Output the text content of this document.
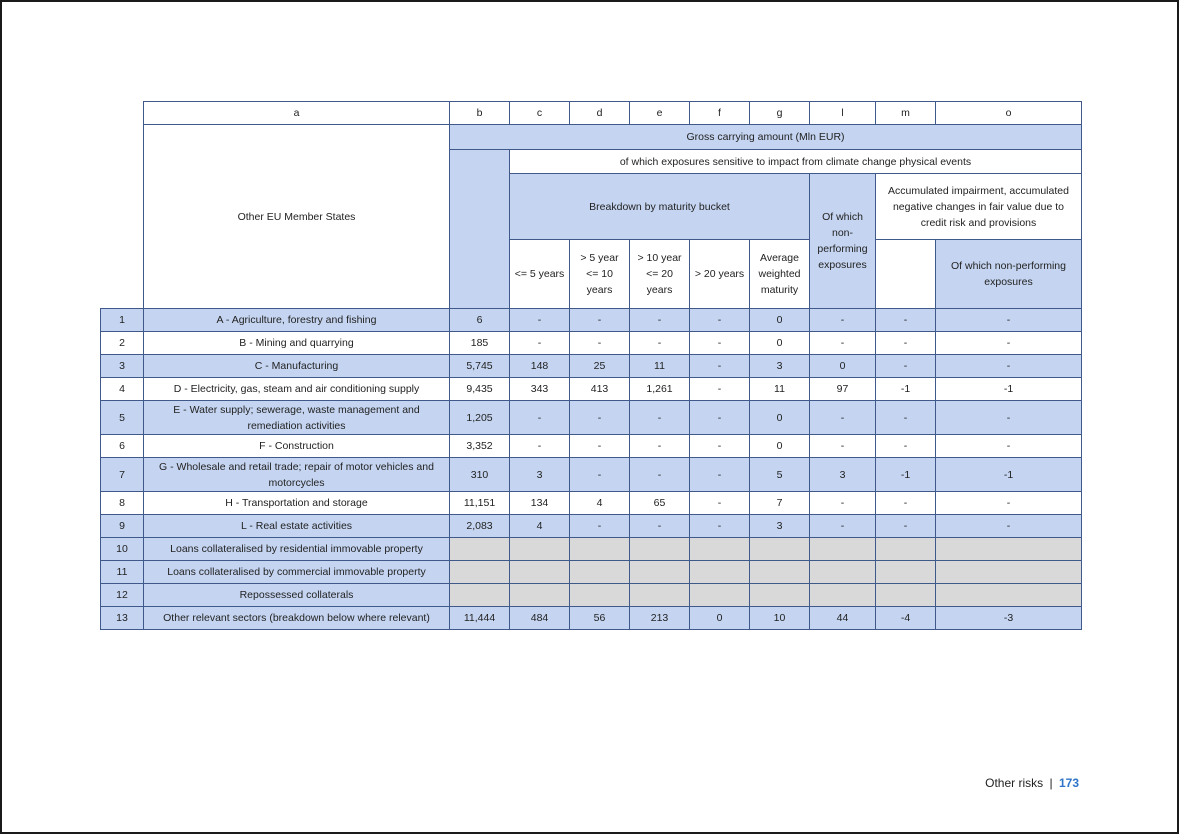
	a	b	c	d	e	f	g	l	m	o
	Other EU Member States	Gross carrying amount (Mln EUR)								
			of which exposures sensitive to impact from climate change physical events							
			Breakdown by maturity bucket					Of which non-performing exposures	Accumulated impairment, accumulated negative changes in fair value due to credit risk and provisions	
			<= 5 years	> 5 year <= 10 years	> 10 year <= 20 years	> 20 years	Average weighted maturity			Of which non-performing exposures

1	A - Agriculture, forestry and fishing	6	-	-	-	-	0	-	-	-
2	B - Mining and quarrying	185	-	-	-	-	0	-	-	-
3	C - Manufacturing	5,745	148	25	11	-	3	0	-	-
4	D - Electricity, gas, steam and air conditioning supply	9,435	343	413	1,261	-	11	97	-1	-1
5	E - Water supply; sewerage, waste management and remediation activities	1,205	-	-	-	-	0	-	-	-
6	F - Construction	3,352	-	-	-	-	0	-	-	-
7	G - Wholesale and retail trade; repair of motor vehicles and motorcycles	310	3	-	-	-	5	3	-1	-1
8	H - Transportation and storage	11,151	134	4	65	-	7	-	-	-
9	L - Real estate activities	2,083	4	-	-	-	3	-	-	-
10	Loans collateralised by residential immovable property									
11	Loans collateralised by commercial immovable property									
12	Repossessed collaterals									
13	Other relevant sectors (breakdown below where relevant)	11,444	484	56	213	0	10	44	-4	-3
Other risks | 173
